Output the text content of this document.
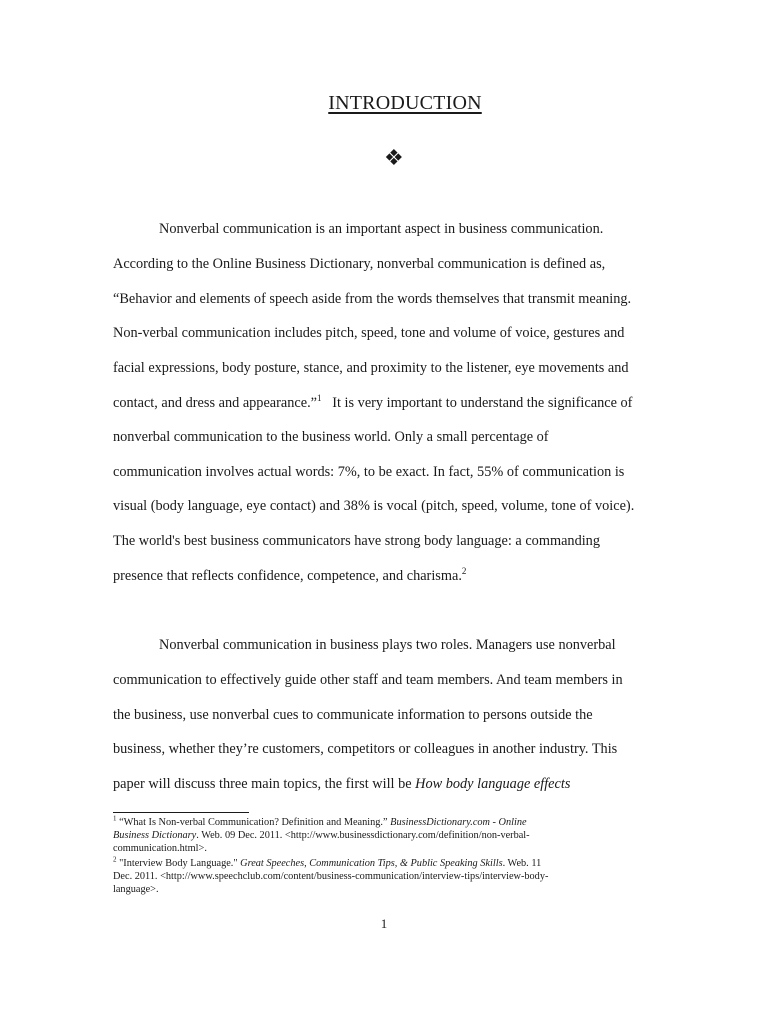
INTRODUCTION
❖
Nonverbal communication is an important aspect in business communication.
According to the Online Business Dictionary, nonverbal communication is defined as,
“Behavior and elements of speech aside from the words themselves that transmit meaning.
Non-verbal communication includes pitch, speed, tone and volume of voice, gestures and
facial expressions, body posture, stance, and proximity to the listener, eye movements and
contact, and dress and appearance.”$^1$   It is very important to understand the significance of
nonverbal communication to the business world. Only a small percentage of
communication involves actual words: 7%, to be exact. In fact, 55% of communication is
visual (body language, eye contact) and 38% is vocal (pitch, speed, volume, tone of voice).
The world's best business communicators have strong body language: a commanding
presence that reflects confidence, competence, and charisma.$^2$
Nonverbal communication in business plays two roles. Managers use nonverbal
communication to effectively guide other staff and team members. And team members in
the business, use nonverbal cues to communicate information to persons outside the
business, whether they’re customers, competitors or colleagues in another industry. This
paper will discuss three main topics, the first will be How body language effects
$^1$ “What Is Non-verbal Communication? Definition and Meaning.” BusinessDictionary.com - Online
Business Dictionary. Web. 09 Dec. 2011. <http://www.businessdictionary.com/definition/non-verbal-
communication.html>.
$^2$ "Interview Body Language." Great Speeches, Communication Tips, & Public Speaking Skills. Web. 11
Dec. 2011. <http://www.speechclub.com/content/business-communication/interview-tips/interview-body-
language>.
1
